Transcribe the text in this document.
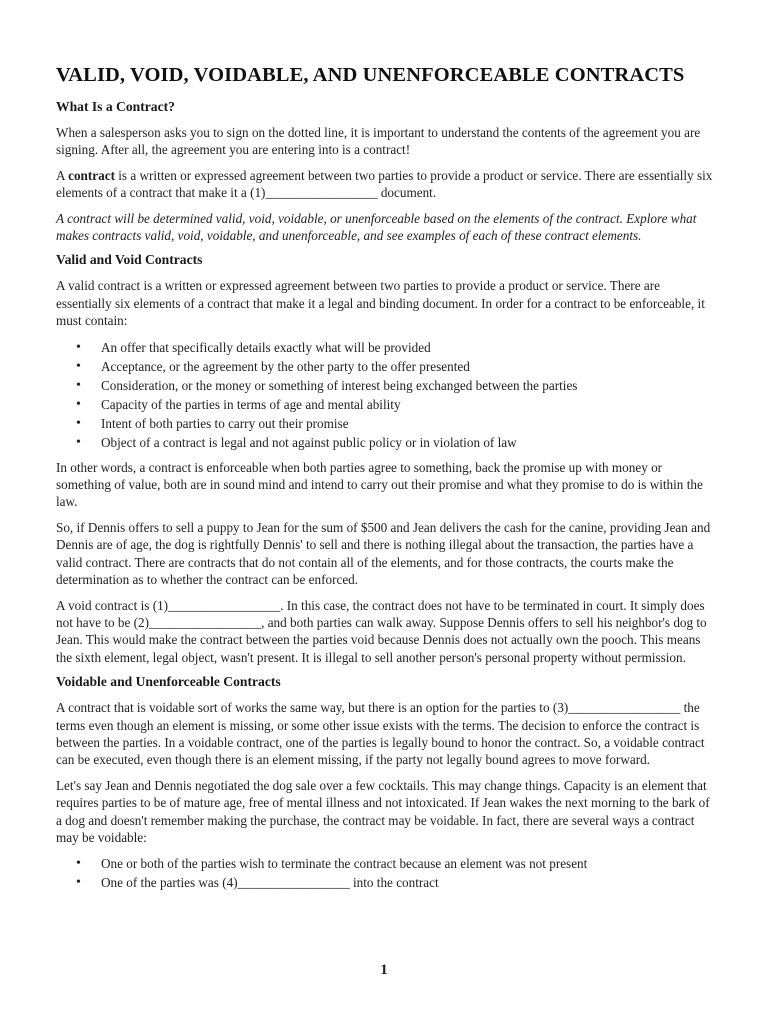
VALID, VOID, VOIDABLE, AND UNENFORCEABLE CONTRACTS
What Is a Contract?

When a salesperson asks you to sign on the dotted line, it is important to understand the contents of the agreement you are signing. After all, the agreement you are entering into is a contract!

A contract is a written or expressed agreement between two parties to provide a product or service. There are essentially six elements of a contract that make it a (1)_________________ document.

A contract will be determined valid, void, voidable, or unenforceable based on the elements of the contract. Explore what makes contracts valid, void, voidable, and unenforceable, and see examples of each of these contract elements.

Valid and Void Contracts

A valid contract is a written or expressed agreement between two parties to provide a product or service. There are essentially six elements of a contract that make it a legal and binding document. In order for a contract to be enforceable, it must contain:

• An offer that specifically details exactly what will be provided
• Acceptance, or the agreement by the other party to the offer presented
• Consideration, or the money or something of interest being exchanged between the parties
• Capacity of the parties in terms of age and mental ability
• Intent of both parties to carry out their promise
• Object of a contract is legal and not against public policy or in violation of law

In other words, a contract is enforceable when both parties agree to something, back the promise up with money or something of value, both are in sound mind and intend to carry out their promise and what they promise to do is within the law.

So, if Dennis offers to sell a puppy to Jean for the sum of $500 and Jean delivers the cash for the canine, providing Jean and Dennis are of age, the dog is rightfully Dennis' to sell and there is nothing illegal about the transaction, the parties have a valid contract. There are contracts that do not contain all of the elements, and for those contracts, the courts make the determination as to whether the contract can be enforced.

A void contract is (1)_________________. In this case, the contract does not have to be terminated in court. It simply does not have to be (2)_________________, and both parties can walk away. Suppose Dennis offers to sell his neighbor's dog to Jean. This would make the contract between the parties void because Dennis does not actually own the pooch. This means the sixth element, legal object, wasn't present. It is illegal to sell another person's personal property without permission.

Voidable and Unenforceable Contracts

A contract that is voidable sort of works the same way, but there is an option for the parties to (3)_________________ the terms even though an element is missing, or some other issue exists with the terms. The decision to enforce the contract is between the parties. In a voidable contract, one of the parties is legally bound to honor the contract. So, a voidable contract can be executed, even though there is an element missing, if the party not legally bound agrees to move forward.

Let's say Jean and Dennis negotiated the dog sale over a few cocktails. This may change things. Capacity is an element that requires parties to be of mature age, free of mental illness and not intoxicated. If Jean wakes the next morning to the bark of a dog and doesn't remember making the purchase, the contract may be voidable. In fact, there are several ways a contract may be voidable:

• One or both of the parties wish to terminate the contract because an element was not present
• One of the parties was (4)_________________ into the contract
1
